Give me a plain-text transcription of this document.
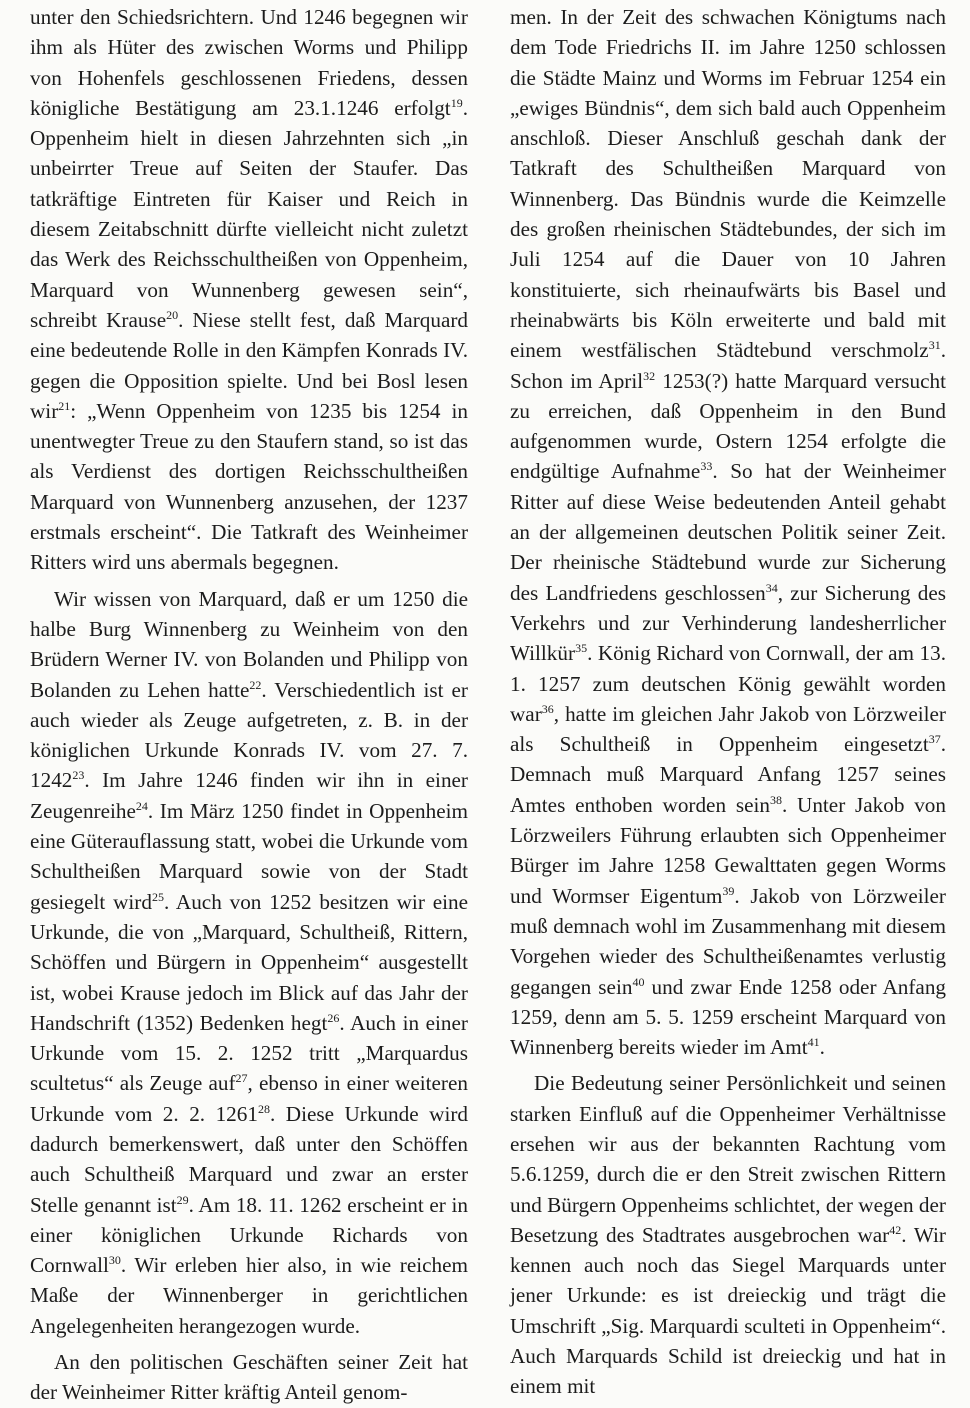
unter den Schiedsrichtern. Und 1246 begegnen wir ihm als Hüter des zwischen Worms und Philipp von Hohenfels geschlossenen Friedens, dessen königliche Bestätigung am 23.1.1246 erfolgt$^{19}$. Oppenheim hielt in diesen Jahrzehnten sich „in unbeirrter Treue auf Seiten der Staufer. Das tatkräftige Eintreten für Kaiser und Reich in diesem Zeitabschnitt dürfte vielleicht nicht zuletzt das Werk des Reichsschultheißen von Oppenheim, Marquard von Wunnenberg gewesen sein“, schreibt Krause$^{20}$. Niese stellt fest, daß Marquard eine bedeutende Rolle in den Kämpfen Konrads IV. gegen die Opposition spielte. Und bei Bosl lesen wir$^{21}$: „Wenn Oppenheim von 1235 bis 1254 in unentwegter Treue zu den Staufern stand, so ist das als Verdienst des dortigen Reichsschultheißen Marquard von Wunnenberg anzusehen, der 1237 erstmals erscheint“. Die Tatkraft des Weinheimer Ritters wird uns abermals begegnen.

Wir wissen von Marquard, daß er um 1250 die halbe Burg Winnenberg zu Weinheim von den Brüdern Werner IV. von Bolanden und Philipp von Bolanden zu Lehen hatte$^{22}$. Verschiedentlich ist er auch wieder als Zeuge aufgetreten, z. B. in der königlichen Urkunde Konrads IV. vom 27. 7. 1242$^{23}$. Im Jahre 1246 finden wir ihn in einer Zeugenreihe$^{24}$. Im März 1250 findet in Oppenheim eine Güterauflassung statt, wobei die Urkunde vom Schultheißen Marquard sowie von der Stadt gesiegelt wird$^{25}$. Auch von 1252 besitzen wir eine Urkunde, die von „Marquard, Schultheiß, Rittern, Schöffen und Bürgern in Oppenheim“ ausgestellt ist, wobei Krause jedoch im Blick auf das Jahr der Handschrift (1352) Bedenken hegt$^{26}$. Auch in einer Urkunde vom 15. 2. 1252 tritt „Marquardus scultetus“ als Zeuge auf$^{27}$, ebenso in einer weiteren Urkunde vom 2. 2. 1261$^{28}$. Diese Urkunde wird dadurch bemerkenswert, daß unter den Schöffen auch Schultheiß Marquard und zwar an erster Stelle genannt ist$^{29}$. Am 18. 11. 1262 erscheint er in einer königlichen Urkunde Richards von Cornwall$^{30}$. Wir erleben hier also, in wie reichem Maße der Winnenberger in gerichtlichen Angelegenheiten herangezogen wurde.

An den politischen Geschäften seiner Zeit hat der Weinheimer Ritter kräftig Anteil genom-

men. In der Zeit des schwachen Königtums nach dem Tode Friedrichs II. im Jahre 1250 schlossen die Städte Mainz und Worms im Februar 1254 ein „ewiges Bündnis“, dem sich bald auch Oppenheim anschloß. Dieser Anschluß geschah dank der Tatkraft des Schultheißen Marquard von Winnenberg. Das Bündnis wurde die Keimzelle des großen rheinischen Städtebundes, der sich im Juli 1254 auf die Dauer von 10 Jahren konstituierte, sich rheinaufwärts bis Basel und rheinabwärts bis Köln erweiterte und bald mit einem westfälischen Städtebund verschmolz$^{31}$. Schon im April$^{32}$ 1253(?) hatte Marquard versucht zu erreichen, daß Oppenheim in den Bund aufgenommen wurde, Ostern 1254 erfolgte die endgültige Aufnahme$^{33}$. So hat der Weinheimer Ritter auf diese Weise bedeutenden Anteil gehabt an der allgemeinen deutschen Politik seiner Zeit. Der rheinische Städtebund wurde zur Sicherung des Landfriedens geschlossen$^{34}$, zur Sicherung des Verkehrs und zur Verhinderung landesherrlicher Willkür$^{35}$. König Richard von Cornwall, der am 13. 1. 1257 zum deutschen König gewählt worden war$^{36}$, hatte im gleichen Jahr Jakob von Lörzweiler als Schultheiß in Oppenheim eingesetzt$^{37}$. Demnach muß Marquard Anfang 1257 seines Amtes enthoben worden sein$^{38}$. Unter Jakob von Lörzweilers Führung erlaubten sich Oppenheimer Bürger im Jahre 1258 Gewalttaten gegen Worms und Wormser Eigentum$^{39}$. Jakob von Lörzweiler muß demnach wohl im Zusammenhang mit diesem Vorgehen wieder des Schultheißenamtes verlustig gegangen sein$^{40}$ und zwar Ende 1258 oder Anfang 1259, denn am 5. 5. 1259 erscheint Marquard von Winnenberg bereits wieder im Amt$^{41}$.

Die Bedeutung seiner Persönlichkeit und seinen starken Einfluß auf die Oppenheimer Verhältnisse ersehen wir aus der bekannten Rachtung vom 5.6.1259, durch die er den Streit zwischen Rittern und Bürgern Oppenheims schlichtet, der wegen der Besetzung des Stadtrates ausgebrochen war$^{42}$. Wir kennen auch noch das Siegel Marquards unter jener Urkunde: es ist dreieckig und trägt die Umschrift „Sig. Marquardi sculteti in Oppenheim“. Auch Marquards Schild ist dreieckig und hat in einem mit
